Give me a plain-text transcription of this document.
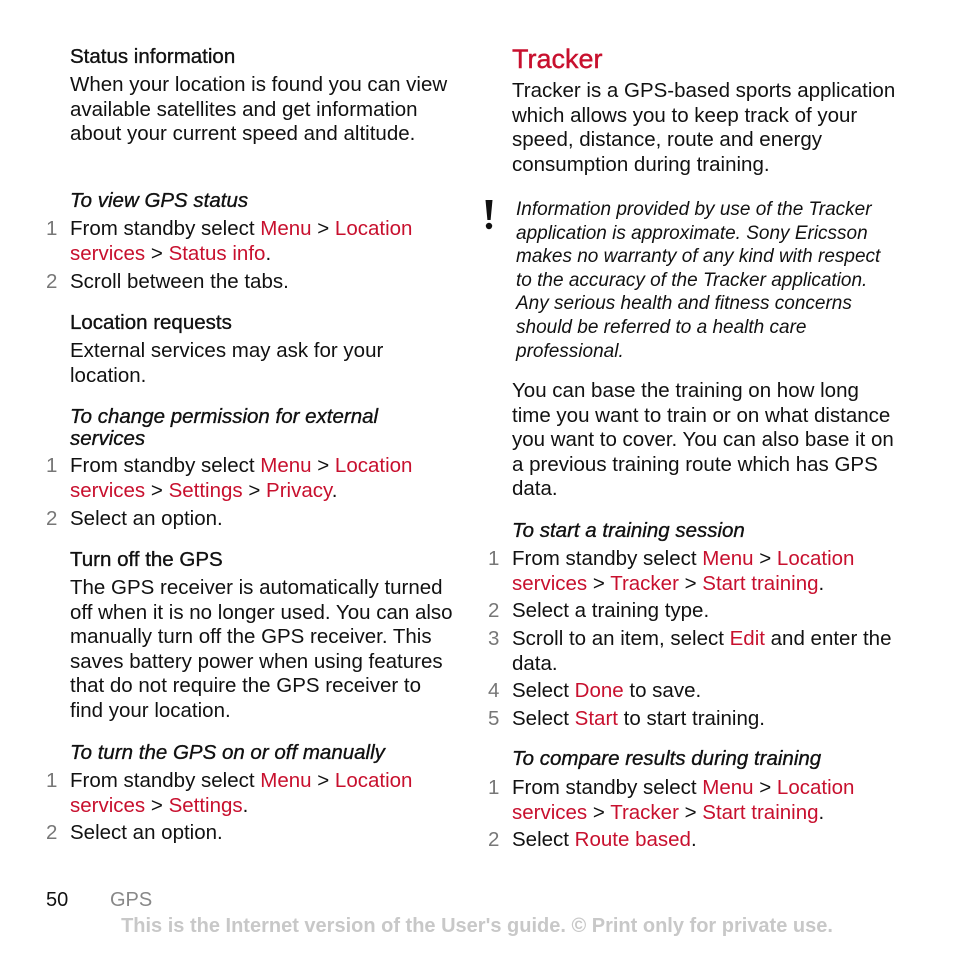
Status information
When your location is found you can view available satellites and get information about your current speed and altitude.
To view GPS status
1 From standby select Menu > Location
services > Status info.
2 Scroll between the tabs.
Location requests
External services may ask for your location.
To change permission for external services
1 From standby select Menu > Location
services > Settings > Privacy.
2 Select an option.
Turn off the GPS
The GPS receiver is automatically turned off when it is no longer used. You can also manually turn off the GPS receiver. This saves battery power when using features that do not require the GPS receiver to find your location.
To turn the GPS on or off manually
1 From standby select Menu > Location
services > Settings.
2 Select an option.
Tracker
Tracker is a GPS-based sports application which allows you to keep track of your speed, distance, route and energy consumption during training.
Information provided by use of the Tracker application is approximate. Sony Ericsson makes no warranty of any kind with respect to the accuracy of the Tracker application. Any serious health and fitness concerns should be referred to a health care professional.
You can base the training on how long time you want to train or on what distance you want to cover. You can also base it on a previous training route which has GPS data.
To start a training session
1 From standby select Menu > Location
services > Tracker > Start training.
2 Select a training type.
3 Scroll to an item, select Edit and enter the data.
4 Select Done to save.
5 Select Start to start training.
To compare results during training
1 From standby select Menu > Location
services > Tracker > Start training.
2 Select Route based.
50 GPS
This is the Internet version of the User's guide. © Print only for private use.
